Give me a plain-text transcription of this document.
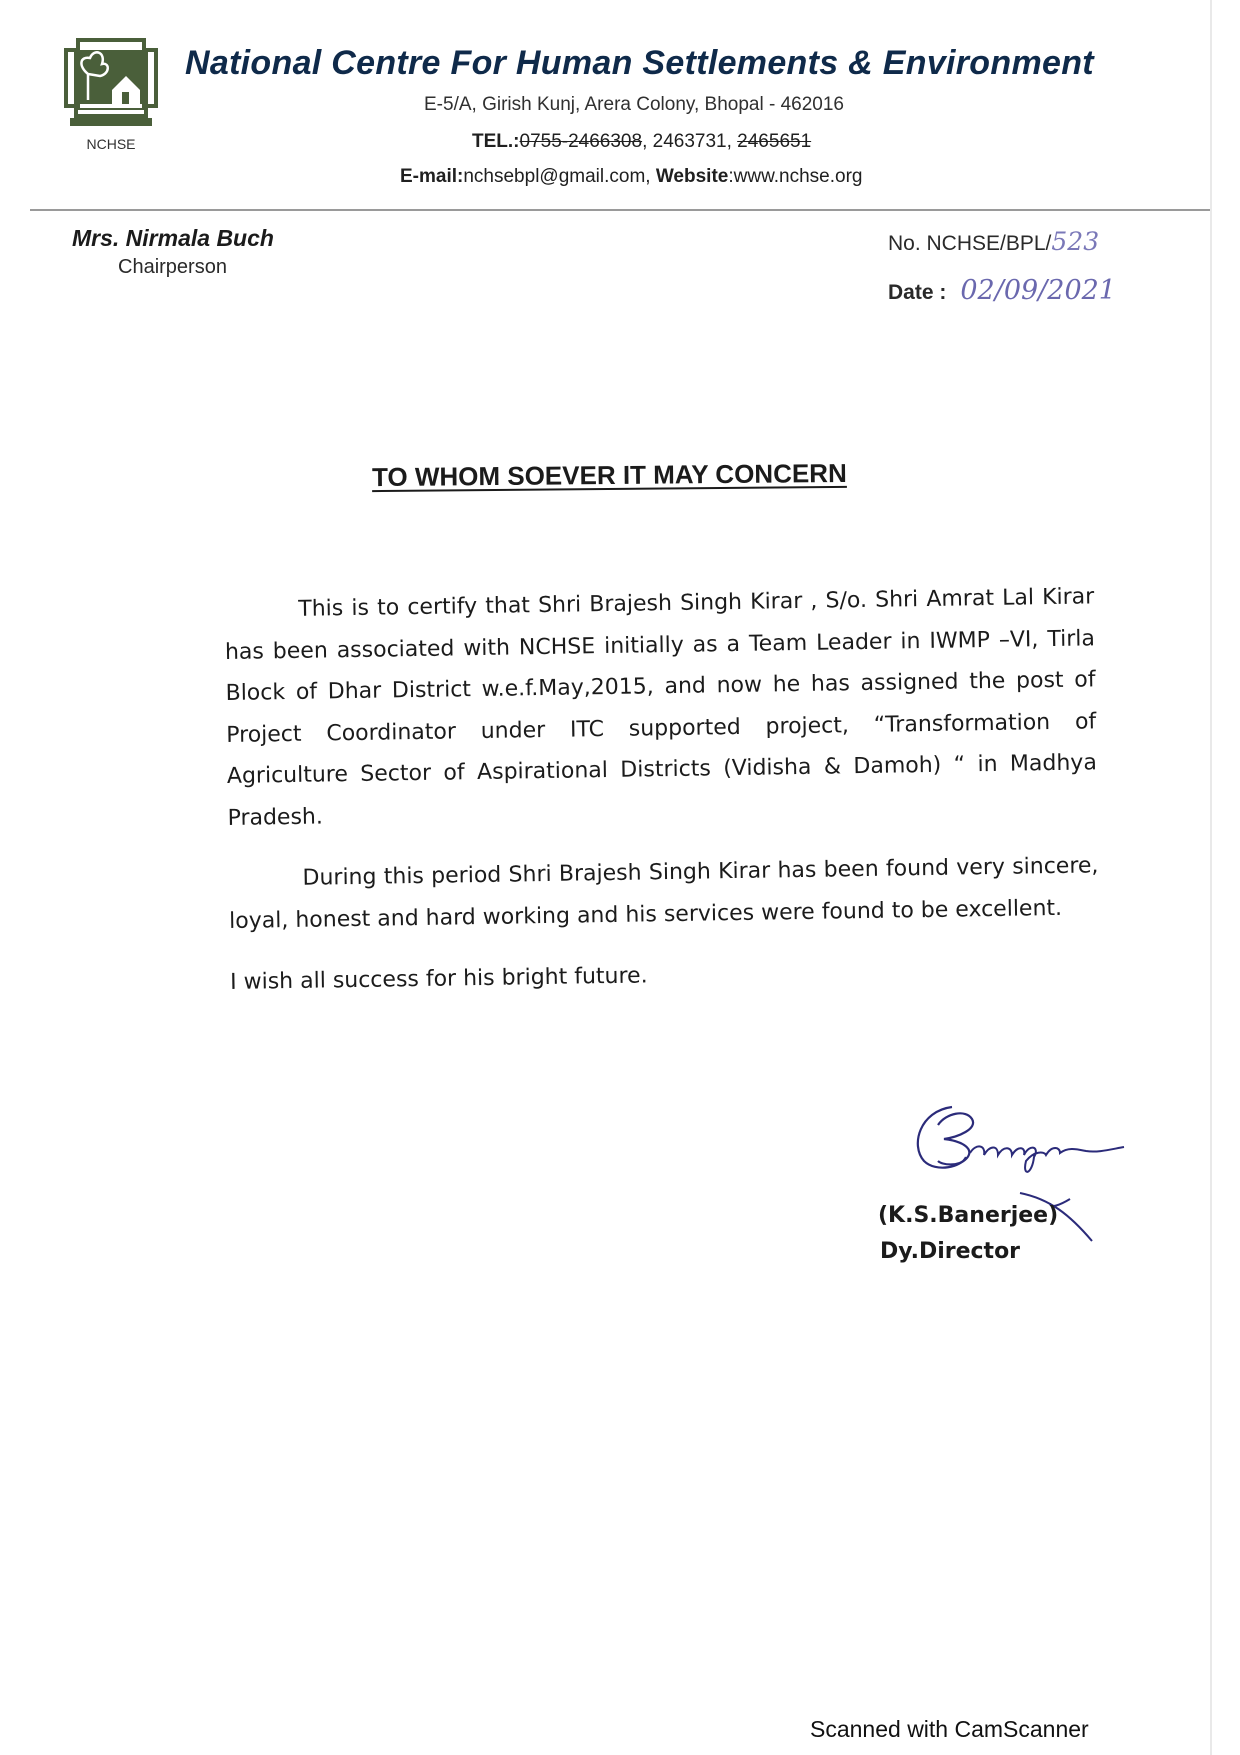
NCHSE
National Centre For Human Settlements & Environment
E-5/A, Girish Kunj, Arera Colony, Bhopal - 462016
TEL.:0755-2466308, 2463731, 2465651
E-mail:nchsebpl@gmail.com, Website:www.nchse.org
Mrs. Nirmala Buch
Chairperson
No. NCHSE/BPL/523
Date : 02/09/2021
TO WHOM SOEVER IT MAY CONCERN

This is to certify that Shri Brajesh Singh Kirar , S/o. Shri Amrat Lal Kirar has been associated with NCHSE initially as a Team Leader in IWMP –VI, Tirla Block of Dhar District w.e.f.May,2015, and now he has assigned the post of Project Coordinator under ITC supported project, “Transformation of Agriculture Sector of Aspirational Districts (Vidisha & Damoh) “ in Madhya Pradesh.

During this period Shri Brajesh Singh Kirar has been found very sincere, loyal, honest and hard working and his services were found to be excellent.

I wish all success for his bright future.

(K.S.Banerjee)
Dy.Director
Scanned with CamScanner
